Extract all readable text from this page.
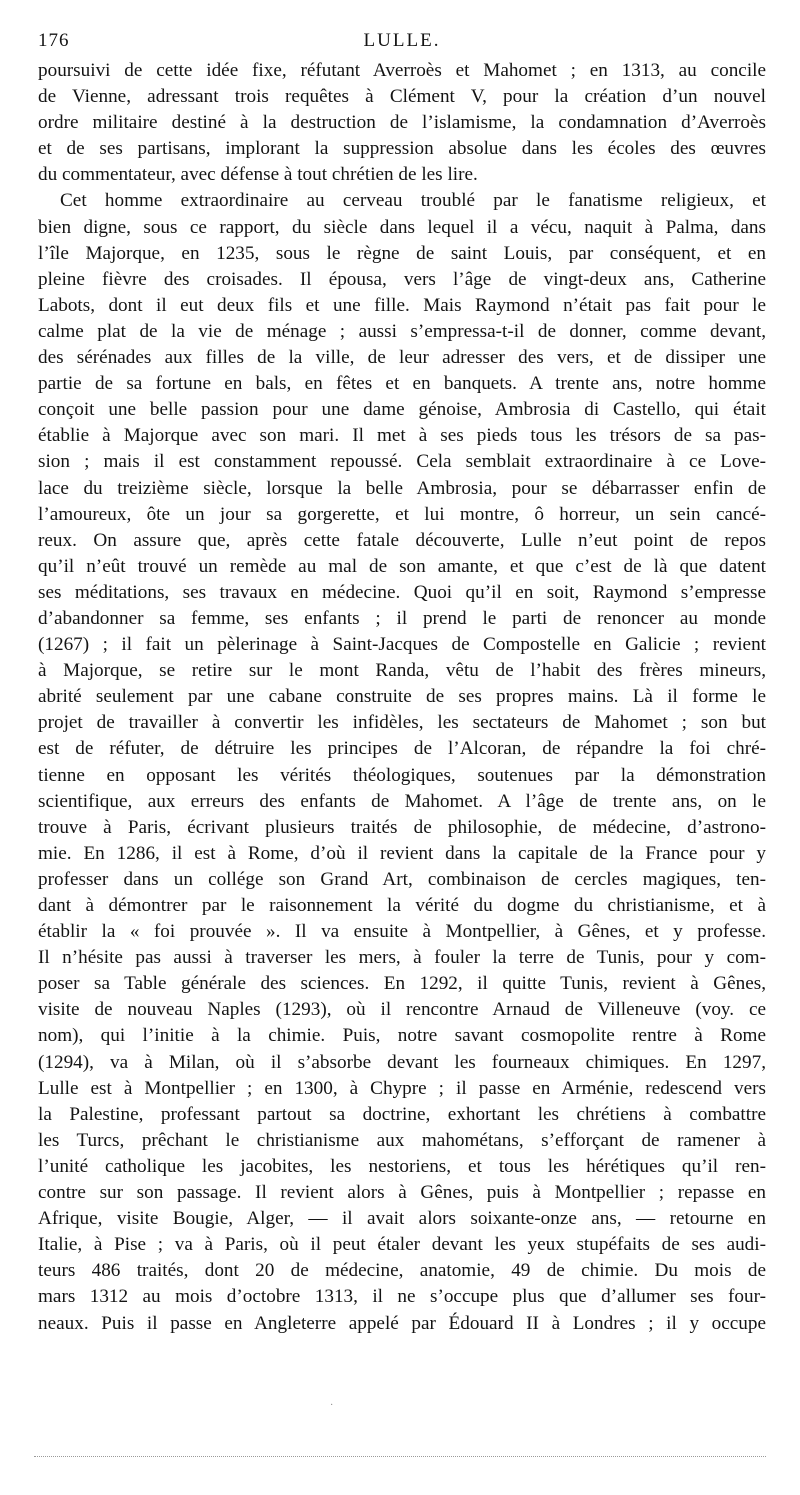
176	LULLE.

poursuivi de cette idée fixe, réfutant Averroès et Mahomet ; en 1313, au concile
de Vienne, adressant trois requêtes à Clément V, pour la création d’un nouvel
ordre militaire destiné à la destruction de l’islamisme, la condamnation d’Averroès
et de ses partisans, implorant la suppression absolue dans les écoles des œuvres
du commentateur, avec défense à tout chrétien de les lire.

Cet homme extraordinaire au cerveau troublé par le fanatisme religieux, et
bien digne, sous ce rapport, du siècle dans lequel il a vécu, naquit à Palma, dans
l’île Majorque, en 1235, sous le règne de saint Louis, par conséquent, et en
pleine fièvre des croisades. Il épousa, vers l’âge de vingt-deux ans, Catherine
Labots, dont il eut deux fils et une fille. Mais Raymond n’était pas fait pour le
calme plat de la vie de ménage ; aussi s’empressa-t-il de donner, comme devant,
des sérénades aux filles de la ville, de leur adresser des vers, et de dissiper une
partie de sa fortune en bals, en fêtes et en banquets. A trente ans, notre homme
conçoit une belle passion pour une dame génoise, Ambrosia di Castello, qui était
établie à Majorque avec son mari. Il met à ses pieds tous les trésors de sa pas-
sion ; mais il est constamment repoussé. Cela semblait extraordinaire à ce Love-
lace du treizième siècle, lorsque la belle Ambrosia, pour se débarrasser enfin de
l’amoureux, ôte un jour sa gorgerette, et lui montre, ô horreur, un sein cancé-
reux. On assure que, après cette fatale découverte, Lulle n’eut point de repos
qu’il n’eût trouvé un remède au mal de son amante, et que c’est de là que datent
ses méditations, ses travaux en médecine. Quoi qu’il en soit, Raymond s’empresse
d’abandonner sa femme, ses enfants ; il prend le parti de renoncer au monde
(1267) ; il fait un pèlerinage à Saint-Jacques de Compostelle en Galicie ; revient
à Majorque, se retire sur le mont Randa, vêtu de l’habit des frères mineurs,
abrité seulement par une cabane construite de ses propres mains. Là il forme le
projet de travailler à convertir les infidèles, les sectateurs de Mahomet ; son but
est de réfuter, de détruire les principes de l’Alcoran, de répandre la foi chré-
tienne en opposant les vérités théologiques, soutenues par la démonstration
scientifique, aux erreurs des enfants de Mahomet. A l’âge de trente ans, on le
trouve à Paris, écrivant plusieurs traités de philosophie, de médecine, d’astrono-
mie. En 1286, il est à Rome, d’où il revient dans la capitale de la France pour y
professer dans un collége son Grand Art, combinaison de cercles magiques, ten-
dant à démontrer par le raisonnement la vérité du dogme du christianisme, et à
établir la « foi prouvée ». Il va ensuite à Montpellier, à Gênes, et y professe.
Il n’hésite pas aussi à traverser les mers, à fouler la terre de Tunis, pour y com-
poser sa Table générale des sciences. En 1292, il quitte Tunis, revient à Gênes,
visite de nouveau Naples (1293), où il rencontre Arnaud de Villeneuve (voy. ce
nom), qui l’initie à la chimie. Puis, notre savant cosmopolite rentre à Rome
(1294), va à Milan, où il s’absorbe devant les fourneaux chimiques. En 1297,
Lulle est à Montpellier ; en 1300, à Chypre ; il passe en Arménie, redescend vers
la Palestine, professant partout sa doctrine, exhortant les chrétiens à combattre
les Turcs, prêchant le christianisme aux mahométans, s’efforçant de ramener à
l’unité catholique les jacobites, les nestoriens, et tous les hérétiques qu’il ren-
contre sur son passage. Il revient alors à Gênes, puis à Montpellier ; repasse en
Afrique, visite Bougie, Alger, — il avait alors soixante-onze ans, — retourne en
Italie, à Pise ; va à Paris, où il peut étaler devant les yeux stupéfaits de ses audi-
teurs 486 traités, dont 20 de médecine, anatomie, 49 de chimie. Du mois de
mars 1312 au mois d’octobre 1313, il ne s’occupe plus que d’allumer ses four-
neaux. Puis il passe en Angleterre appelé par Édouard II à Londres ; il y occupe

·
